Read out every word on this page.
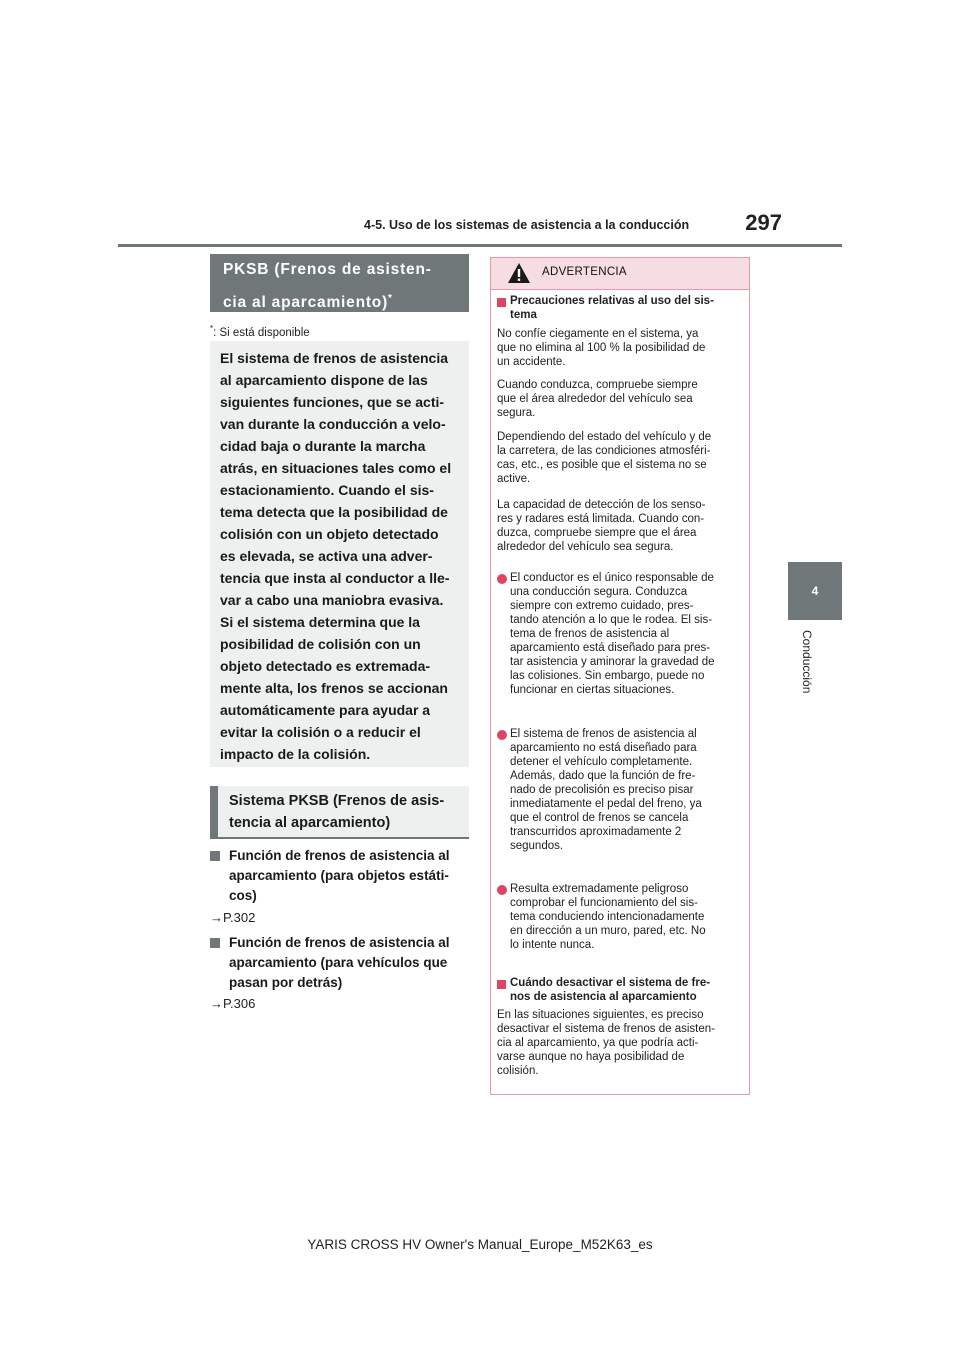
4-5. Uso de los sistemas de asistencia a la conducción	297
4
Conducción
PKSB (Frenos de asisten-
cia al aparcamiento)*
*: Si está disponible
El sistema de frenos de asistencia
al aparcamiento dispone de las
siguientes funciones, que se acti-
van durante la conducción a velo-
cidad baja o durante la marcha
atrás, en situaciones tales como el
estacionamiento. Cuando el sis-
tema detecta que la posibilidad de
colisión con un objeto detectado
es elevada, se activa una adver-
tencia que insta al conductor a lle-
var a cabo una maniobra evasiva.
Si el sistema determina que la
posibilidad de colisión con un
objeto detectado es extremada-
mente alta, los frenos se accionan
automáticamente para ayudar a
evitar la colisión o a reducir el
impacto de la colisión.
Sistema PKSB (Frenos de asis-
tencia al aparcamiento)
Función de frenos de asistencia al
aparcamiento (para objetos estáti-
cos)
→P.302
Función de frenos de asistencia al
aparcamiento (para vehículos que
pasan por detrás)
→P.306
ADVERTENCIA
Precauciones relativas al uso del sis-
tema
No confíe ciegamente en el sistema, ya
que no elimina al 100 % la posibilidad de
un accidente.
Cuando conduzca, compruebe siempre
que el área alrededor del vehículo sea
segura.
Dependiendo del estado del vehículo y de
la carretera, de las condiciones atmosféri-
cas, etc., es posible que el sistema no se
active.
La capacidad de detección de los senso-
res y radares está limitada. Cuando con-
duzca, compruebe siempre que el área
alrededor del vehículo sea segura.
El conductor es el único responsable de
una conducción segura. Conduzca
siempre con extremo cuidado, pres-
tando atención a lo que le rodea. El sis-
tema de frenos de asistencia al
aparcamiento está diseñado para pres-
tar asistencia y aminorar la gravedad de
las colisiones. Sin embargo, puede no
funcionar en ciertas situaciones.
El sistema de frenos de asistencia al
aparcamiento no está diseñado para
detener el vehículo completamente.
Además, dado que la función de fre-
nado de precolisión es preciso pisar
inmediatamente el pedal del freno, ya
que el control de frenos se cancela
transcurridos aproximadamente 2
segundos.
Resulta extremadamente peligroso
comprobar el funcionamiento del sis-
tema conduciendo intencionadamente
en dirección a un muro, pared, etc. No
lo intente nunca.
Cuándo desactivar el sistema de fre-
nos de asistencia al aparcamiento
En las situaciones siguientes, es preciso
desactivar el sistema de frenos de asisten-
cia al aparcamiento, ya que podría acti-
varse aunque no haya posibilidad de
colisión.
YARIS CROSS HV Owner's Manual_Europe_M52K63_es
